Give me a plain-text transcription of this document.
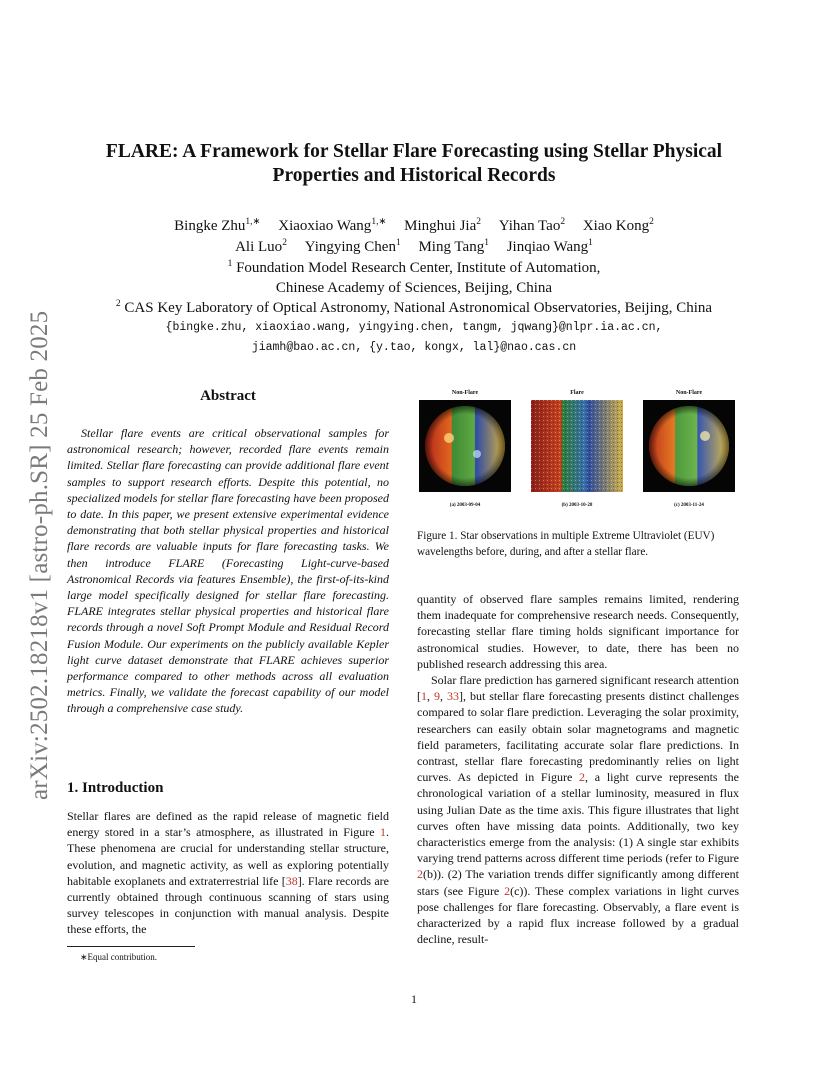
arXiv:2502.18218v1 [astro-ph.SR] 25 Feb 2025
FLARE: A Framework for Stellar Flare Forecasting using Stellar Physical
Properties and Historical Records
Bingke Zhu$^{1,∗}$ Xiaoxiao Wang$^{1,∗}$ Minghui Jia$^2$ Yihan Tao$^2$ Xiao Kong$^2$
Ali Luo$^2$ Yingying Chen$^1$ Ming Tang$^1$ Jinqiao Wang$^1$
$^1$ Foundation Model Research Center, Institute of Automation,
Chinese Academy of Sciences, Beijing, China
$^2$ CAS Key Laboratory of Optical Astronomy, National Astronomical Observatories, Beijing, China
{bingke.zhu, xiaoxiao.wang, yingying.chen, tangm, jqwang}@nlpr.ia.ac.cn,
jiamh@bao.ac.cn, {y.tao, kongx, lal}@nao.cas.cn
Abstract
Stellar flare events are critical observational samples for astronomical research; however, recorded flare events remain limited. Stellar flare forecasting can provide additional flare event samples to support research efforts. Despite this potential, no specialized models for stellar flare forecasting have been proposed to date. In this paper, we present extensive experimental evidence demonstrating that both stellar physical properties and historical flare records are valuable inputs for flare forecasting tasks. We then introduce FLARE (Forecasting Light-curve-based Astronomical Records via features Ensemble), the first-of-its-kind large model specifically designed for stellar flare forecasting. FLARE integrates stellar physical properties and historical flare records through a novel Soft Prompt Module and Residual Record Fusion Module. Our experiments on the publicly available Kepler light curve dataset demonstrate that FLARE achieves superior performance compared to other methods across all evaluation metrics. Finally, we validate the forecast capability of our model through a comprehensive case study.
1. Introduction
Stellar flares are defined as the rapid release of magnetic field energy stored in a star’s atmosphere, as illustrated in Figure 1. These phenomena are crucial for understanding stellar structure, evolution, and magnetic activity, as well as exploring potentially habitable exoplanets and extraterrestrial life [38]. Flare records are currently obtained through continuous scanning of stars using survey telescopes in conjunction with manual analysis. Despite these efforts, the
∗Equal contribution.
Non-Flare
(a) 2003-09-04
Flare
(b) 2003-10-28
Non-Flare
(c) 2003-11-24
Figure 1. Star observations in multiple Extreme Ultraviolet (EUV) wavelengths before, during, and after a stellar flare.

quantity of observed flare samples remains limited, rendering them inadequate for comprehensive research needs. Consequently, forecasting stellar flare timing holds significant importance for astronomical studies. However, to date, there has been no published research addressing this area.

Solar flare prediction has garnered significant research attention [1, 9, 33], but stellar flare forecasting presents distinct challenges compared to solar flare prediction. Leveraging the solar proximity, researchers can easily obtain solar magnetograms and magnetic field parameters, facilitating accurate solar flare predictions. In contrast, stellar flare forecasting predominantly relies on light curves. As depicted in Figure 2, a light curve represents the chronological variation of a stellar luminosity, measured in flux using Julian Date as the time axis. This figure illustrates that light curves often have missing data points. Additionally, two key characteristics emerge from the analysis: (1) A single star exhibits varying trend patterns across different time periods (refer to Figure 2(b)). (2) The variation trends differ significantly among different stars (see Figure 2(c)). These complex variations in light curves pose challenges for flare forecasting. Observably, a flare event is characterized by a rapid flux increase followed by a gradual decline, result-

1
